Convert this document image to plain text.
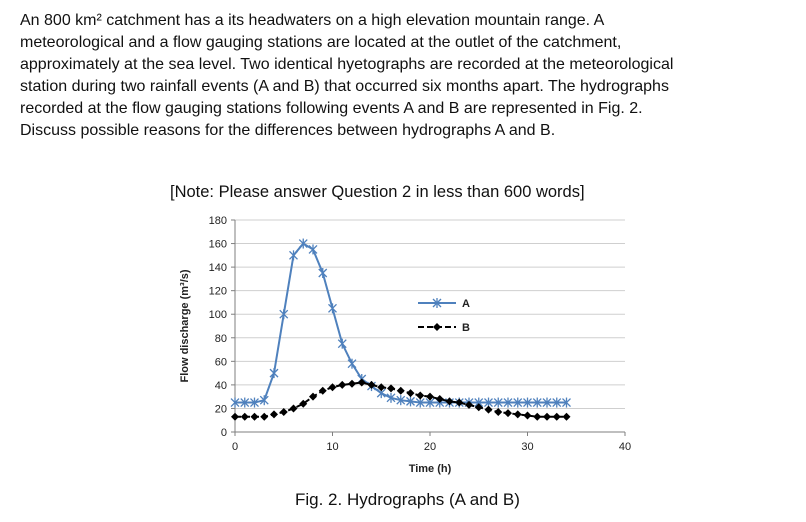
An 800 km² catchment has a its headwaters on a high elevation mountain range. A
meteorological and a flow gauging stations are located at the outlet of the catchment,
approximately at the sea level. Two identical hyetographs are recorded at the meteorological
station during two rainfall events (A and B) that occurred six months apart. The hydrographs
recorded at the flow gauging stations following events A and B are represented in Fig. 2.
Discuss possible reasons for the differences between hydrographs A and B.

[Note: Please answer Question 2 in less than 600 words]

0
20
40
60
80
100
120
140
160
180
0	10	20	30	40
Time (h)
Flow discharge (m³/s)	A
B

Fig. 2. Hydrographs (A and B)
